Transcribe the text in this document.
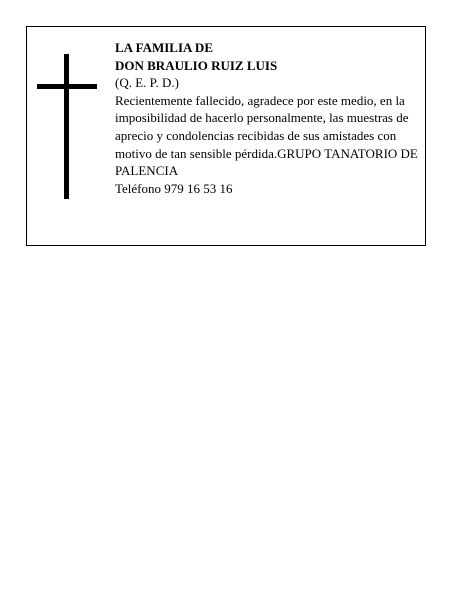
LA FAMILIA DE
DON BRAULIO RUIZ LUIS
(Q. E. P. D.)
Recientemente fallecido, agradece por este medio, en la imposibilidad de hacerlo personalmente, las muestras de aprecio y condolencias recibidas de sus amistades con motivo de tan sensible pérdida.GRUPO TANATORIO DE PALENCIA
Teléfono 979 16 53 16
